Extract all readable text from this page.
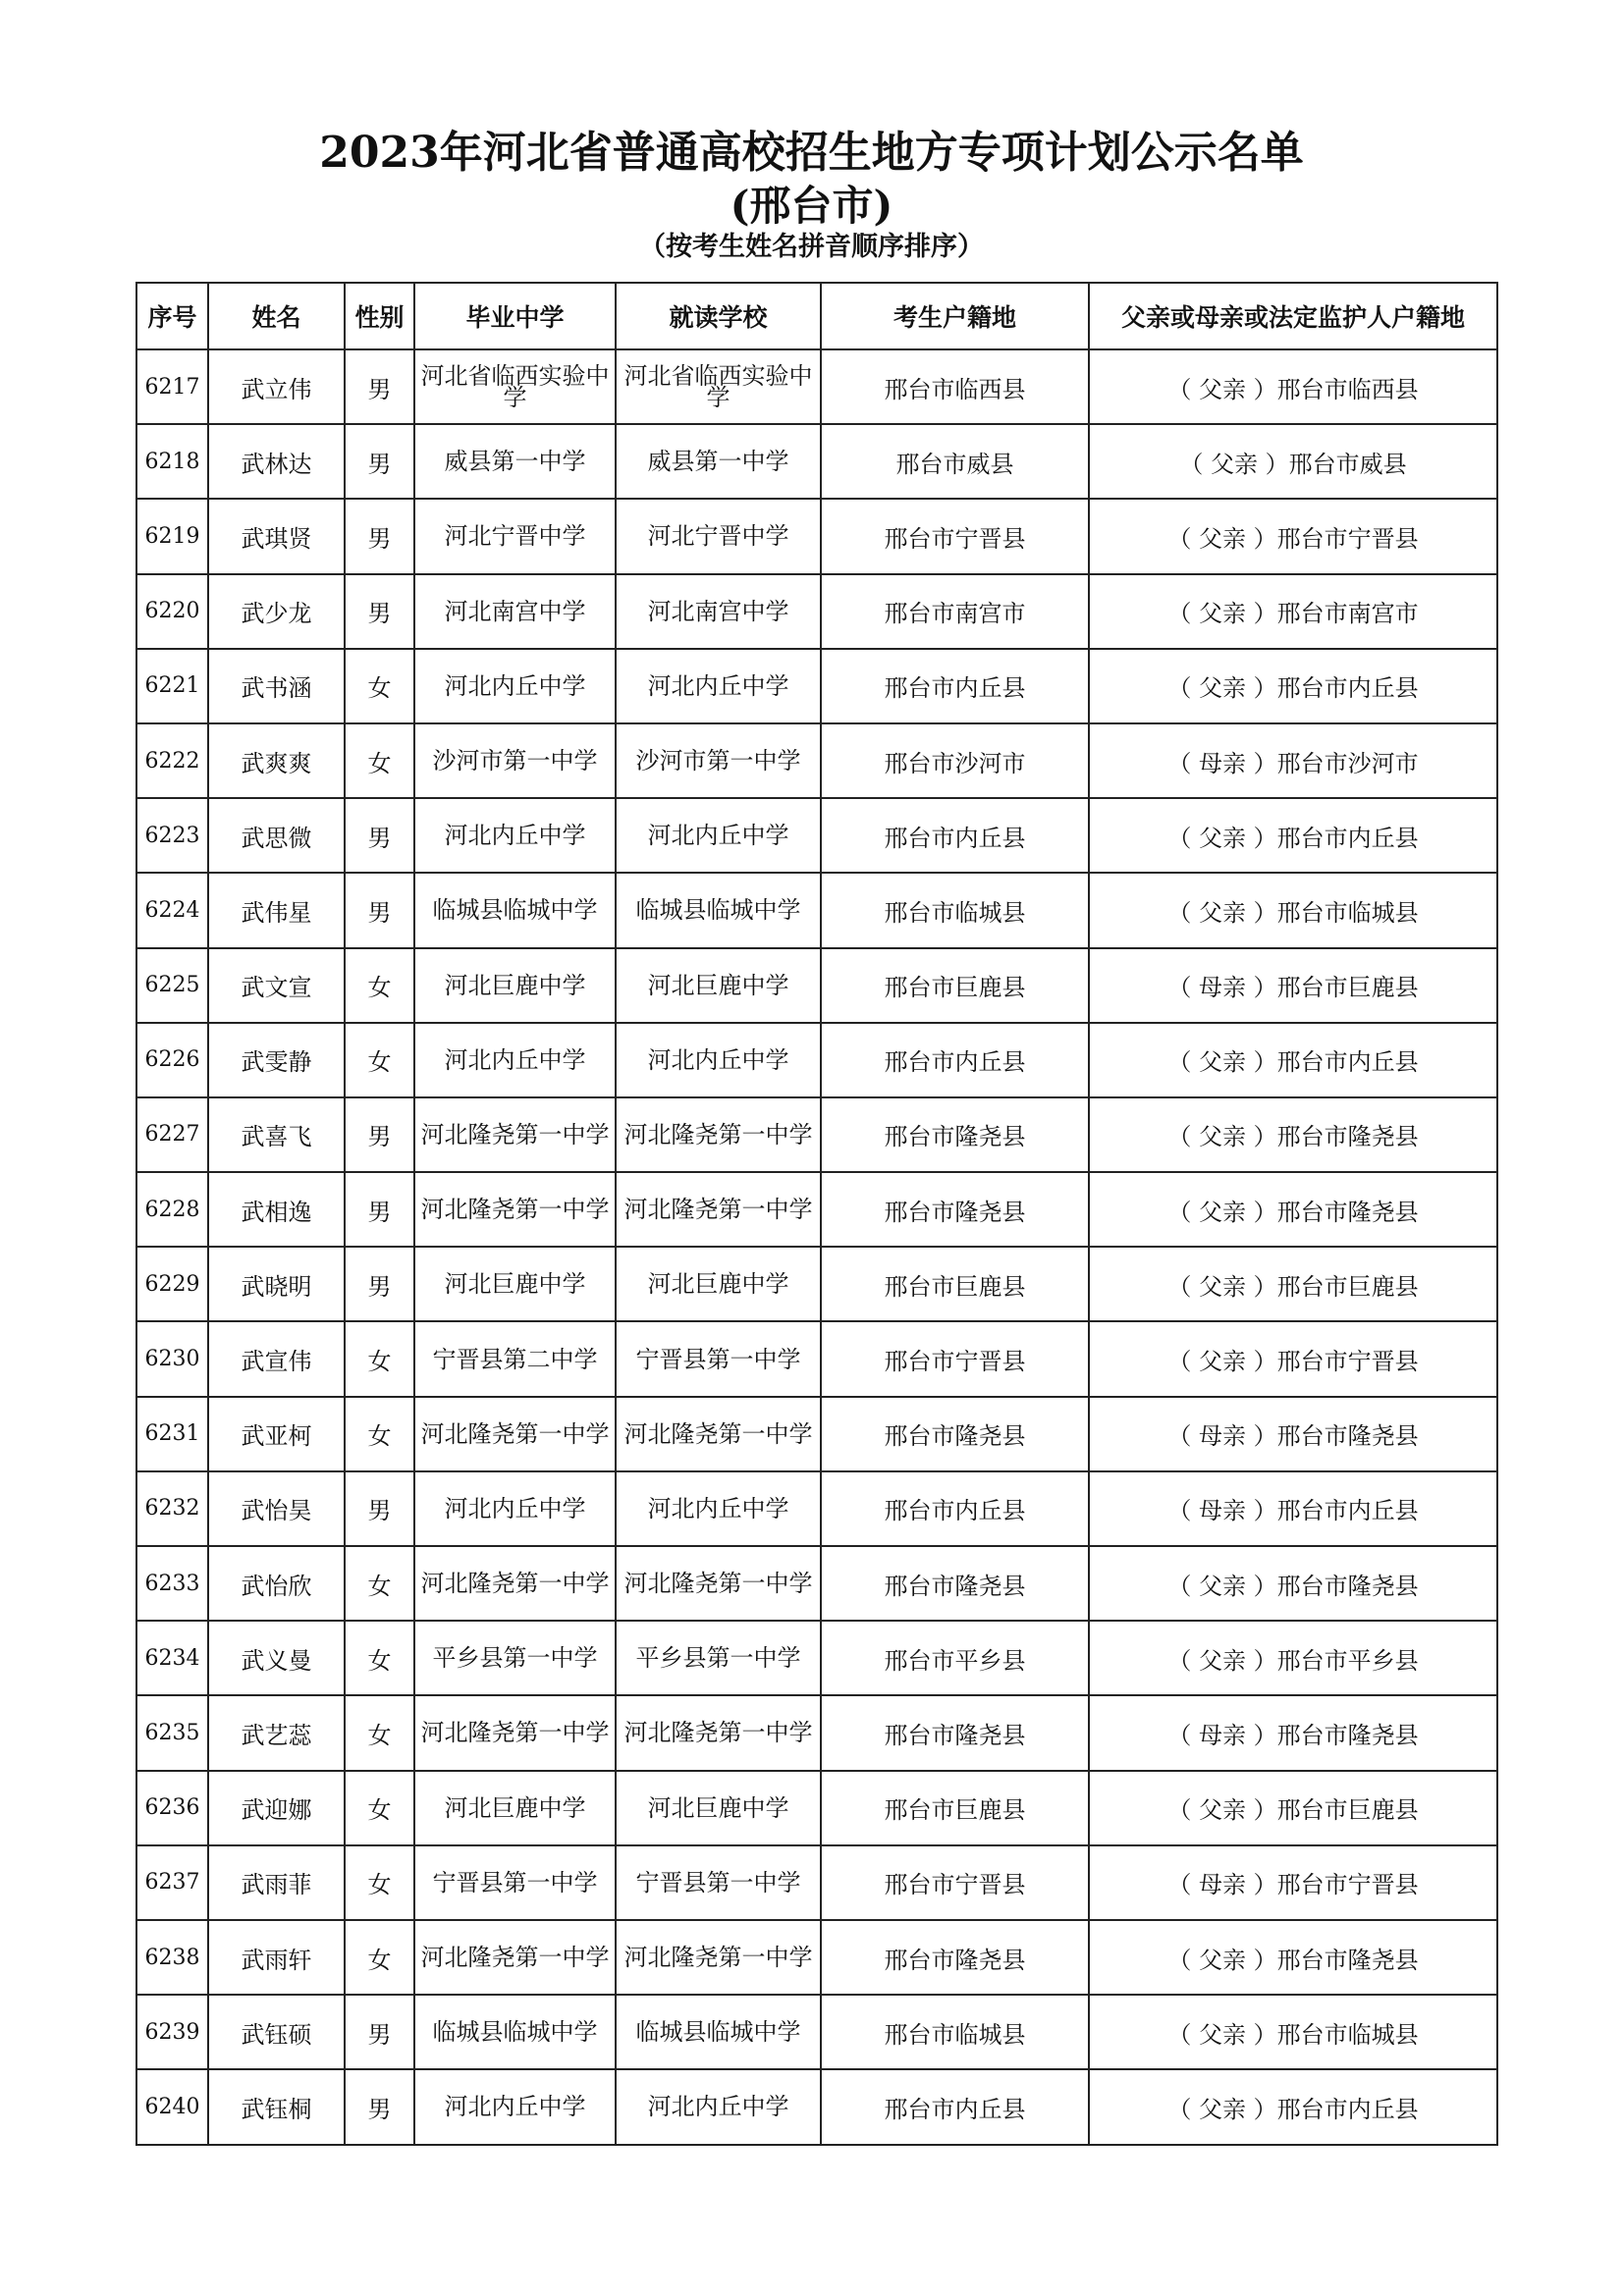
2023年河北省普通高校招生地方专项计划公示名单
(邢台市)
（按考生姓名拼音顺序排序）
序号	姓名	性别	毕业中学	就读学校	考生户籍地	父亲或母亲或法定监护人户籍地
6217	武立伟	男	河北省临西实验中学	河北省临西实验中学	邢台市临西县	（ 父亲 ）邢台市临西县
6218	武林达	男	威县第一中学	威县第一中学	邢台市威县	（ 父亲 ）邢台市威县
6219	武琪贤	男	河北宁晋中学	河北宁晋中学	邢台市宁晋县	（ 父亲 ）邢台市宁晋县
6220	武少龙	男	河北南宫中学	河北南宫中学	邢台市南宫市	（ 父亲 ）邢台市南宫市
6221	武书涵	女	河北内丘中学	河北内丘中学	邢台市内丘县	（ 父亲 ）邢台市内丘县
6222	武爽爽	女	沙河市第一中学	沙河市第一中学	邢台市沙河市	（ 母亲 ）邢台市沙河市
6223	武思微	男	河北内丘中学	河北内丘中学	邢台市内丘县	（ 父亲 ）邢台市内丘县
6224	武伟星	男	临城县临城中学	临城县临城中学	邢台市临城县	（ 父亲 ）邢台市临城县
6225	武文宣	女	河北巨鹿中学	河北巨鹿中学	邢台市巨鹿县	（ 母亲 ）邢台市巨鹿县
6226	武雯静	女	河北内丘中学	河北内丘中学	邢台市内丘县	（ 父亲 ）邢台市内丘县
6227	武喜飞	男	河北隆尧第一中学	河北隆尧第一中学	邢台市隆尧县	（ 父亲 ）邢台市隆尧县
6228	武相逸	男	河北隆尧第一中学	河北隆尧第一中学	邢台市隆尧县	（ 父亲 ）邢台市隆尧县
6229	武晓明	男	河北巨鹿中学	河北巨鹿中学	邢台市巨鹿县	（ 父亲 ）邢台市巨鹿县
6230	武宣伟	女	宁晋县第二中学	宁晋县第一中学	邢台市宁晋县	（ 父亲 ）邢台市宁晋县
6231	武亚柯	女	河北隆尧第一中学	河北隆尧第一中学	邢台市隆尧县	（ 母亲 ）邢台市隆尧县
6232	武怡昊	男	河北内丘中学	河北内丘中学	邢台市内丘县	（ 母亲 ）邢台市内丘县
6233	武怡欣	女	河北隆尧第一中学	河北隆尧第一中学	邢台市隆尧县	（ 父亲 ）邢台市隆尧县
6234	武义曼	女	平乡县第一中学	平乡县第一中学	邢台市平乡县	（ 父亲 ）邢台市平乡县
6235	武艺蕊	女	河北隆尧第一中学	河北隆尧第一中学	邢台市隆尧县	（ 母亲 ）邢台市隆尧县
6236	武迎娜	女	河北巨鹿中学	河北巨鹿中学	邢台市巨鹿县	（ 父亲 ）邢台市巨鹿县
6237	武雨菲	女	宁晋县第一中学	宁晋县第一中学	邢台市宁晋县	（ 母亲 ）邢台市宁晋县
6238	武雨轩	女	河北隆尧第一中学	河北隆尧第一中学	邢台市隆尧县	（ 父亲 ）邢台市隆尧县
6239	武钰硕	男	临城县临城中学	临城县临城中学	邢台市临城县	（ 父亲 ）邢台市临城县
6240	武钰桐	男	河北内丘中学	河北内丘中学	邢台市内丘县	（ 父亲 ）邢台市内丘县
